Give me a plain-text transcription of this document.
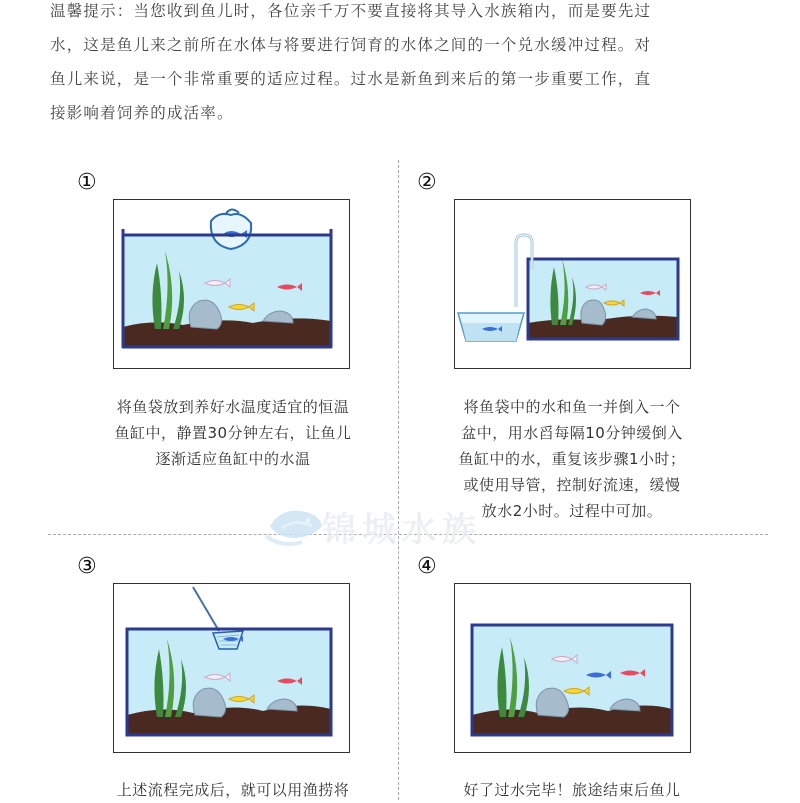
温馨提示：当您收到鱼儿时，各位亲千万不要直接将其导入水族箱内，而是要先过
水，这是鱼儿来之前所在水体与将要进行饲育的水体之间的一个兑水缓冲过程。对
鱼儿来说，是一个非常重要的适应过程。过水是新鱼到来后的第一步重要工作，直
接影响着饲养的成活率。
①
将鱼袋放到养好水温度适宜的恒温
鱼缸中，静置30分钟左右，让鱼儿
逐渐适应鱼缸中的水温
②
将鱼袋中的水和鱼一并倒入一个
盆中，用水舀每隔10分钟缓倒入
鱼缸中的水，重复该步骤1小时；
或使用导管，控制好流速，缓慢
放水2小时。过程中可加。
锦城水族
③
上述流程完成后，就可以用渔捞将
④
好了过水完毕！旅途结束后鱼儿
